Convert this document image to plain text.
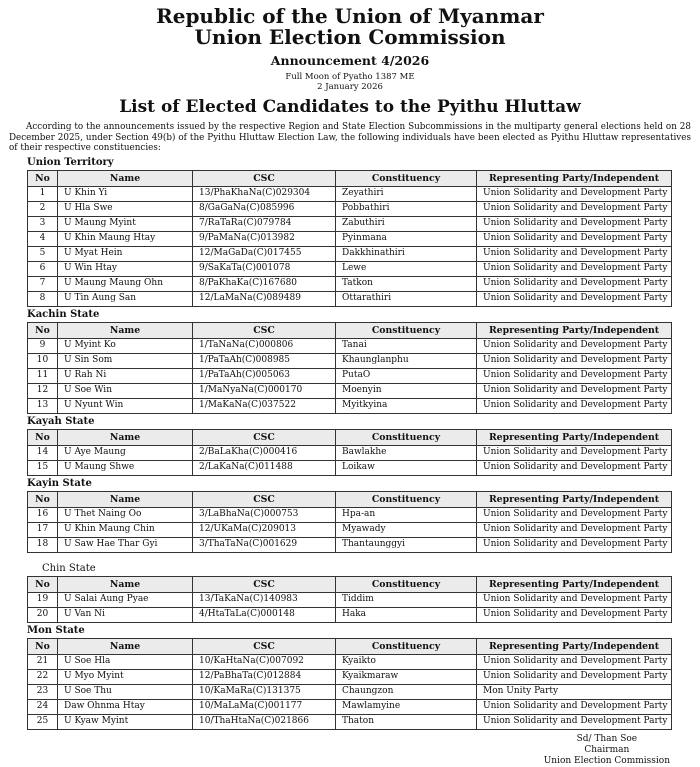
Republic of the Union of Myanmar
Union Election Commission
Announcement 4/2026
Full Moon of Pyatho 1387 ME
2 January 2026
List of Elected Candidates to the Pyithu Hluttaw

According to the announcements issued by the respective Region and State Election Subcommissions in the multiparty general elections held on 28 December 2025, under Section 49(b) of the Pyithu Hluttaw Election Law, the following individuals have been elected as Pyithu Hluttaw representatives of their respective constituencies:

Union Territory
No	Name	CSC	Constituency	Representing Party/Independent
1	U Khin Yi	13/PhaKhaNa(C)029304	Zeyathiri	Union Solidarity and Development Party
2	U Hla Swe	8/GaGaNa(C)085996	Pobbathiri	Union Solidarity and Development Party
3	U Maung Myint	7/RaTaRa(C)079784	Zabuthiri	Union Solidarity and Development Party
4	U Khin Maung Htay	9/PaMaNa(C)013982	Pyinmana	Union Solidarity and Development Party
5	U Myat Hein	12/MaGaDa(C)017455	Dakkhinathiri	Union Solidarity and Development Party
6	U Win Htay	9/SaKaTa(C)001078	Lewe	Union Solidarity and Development Party
7	U Maung Maung Ohn	8/PaKhaKa(C)167680	Tatkon	Union Solidarity and Development Party
8	U Tin Aung San	12/LaMaNa(C)089489	Ottarathiri	Union Solidarity and Development Party
Kachin State
No	Name	CSC	Constituency	Representing Party/Independent
9	U Myint Ko	1/TaNaNa(C)000806	Tanai	Union Solidarity and Development Party
10	U Sin Som	1/PaTaAh(C)008985	Khaunglanphu	Union Solidarity and Development Party
11	U Rah Ni	1/PaTaAh(C)005063	PutaO	Union Solidarity and Development Party
12	U Soe Win	1/MaNyaNa(C)000170	Moenyin	Union Solidarity and Development Party
13	U Nyunt Win	1/MaKaNa(C)037522	Myitkyina	Union Solidarity and Development Party
Kayah State
No	Name	CSC	Constituency	Representing Party/Independent
14	U Aye Maung	2/BaLaKha(C)000416	Bawlakhe	Union Solidarity and Development Party
15	U Maung Shwe	2/LaKaNa(C)011488	Loikaw	Union Solidarity and Development Party
Kayin State
No	Name	CSC	Constituency	Representing Party/Independent
16	U Thet Naing Oo	3/LaBhaNa(C)000753	Hpa-an	Union Solidarity and Development Party
17	U Khin Maung Chin	12/UKaMa(C)209013	Myawady	Union Solidarity and Development Party
18	U Saw Hae Thar Gyi	3/ThaTaNa(C)001629	Thantaunggyi	Union Solidarity and Development Party
Chin State
No	Name	CSC	Constituency	Representing Party/Independent
19	U Salai Aung Pyae	13/TaKaNa(C)140983	Tiddim	Union Solidarity and Development Party
20	U Van Ni	4/HtaTaLa(C)000148	Haka	Union Solidarity and Development Party
Mon State
No	Name	CSC	Constituency	Representing Party/Independent
21	U Soe Hla	10/KaHtaNa(C)007092	Kyaikto	Union Solidarity and Development Party
22	U Myo Myint	12/PaBhaTa(C)012884	Kyaikmaraw	Union Solidarity and Development Party
23	U Soe Thu	10/KaMaRa(C)131375	Chaungzon	Mon Unity Party
24	Daw Ohnma Htay	10/MaLaMa(C)001177	Mawlamyine	Union Solidarity and Development Party
25	U Kyaw Myint	10/ThaHtaNa(C)021866	Thaton	Union Solidarity and Development Party
Sd/ Than Soe
Chairman
Union Election Commission
